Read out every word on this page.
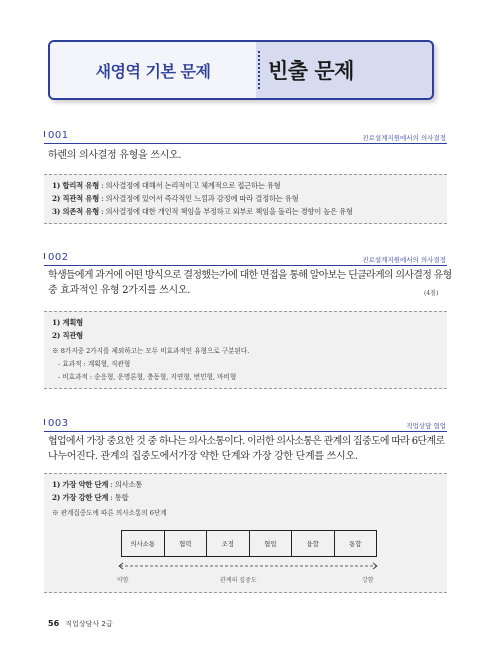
새영역 기본 문제	빈출 문제
001	진로설계지원에서의 의사결정
하렌의 의사결정 유형을 쓰시오.
1) 합리적 유형 : 의사결정에 대해서 논리적이고 체계적으로 접근하는 유형
2) 직관적 유형 : 의사결정에 있어서 즉각적인 느낌과 감정에 따라 결정하는 유형
3) 의존적 유형 : 의사결정에 대한 개인적 책임을 부정하고 외부로 책임을 돌리는 경향이 높은 유형
002	진로설계지원에서의 의사결정
학생들에게 과거에 어떤 방식으로 결정했는가에 대한 면접을 통해 알아보는 딘클라게의 의사결정 유형
중 효과적인 유형 2가지를 쓰시오.	(4점)
1) 계획형
2) 직관형
※ 8가지중 2가지를 제외하고는 모두 비효과적인 유형으로 구분된다.
- 효과적 : 계획형, 직관형
- 비효과적 : 순응형, 운명론형, 충동형, 지연형, 번민형, 마비형
003	직업상담 협업
협업에서 가장 중요한 것 중 하나는 의사소통이다. 이러한 의사소통은 관계의 집중도에 따라 6단계로
나누어진다. 관계의 집중도에서가장 약한 단계와 가장 강한 단계를 쓰시오.
1) 가장 약한 단계 : 의사소통
2) 가장 강한 단계 : 통합
※ 관계집중도에 따른 의사소통의 6단계
의사소통	협력	조정	협업	융합	통합
약함	관계의 집중도	강함
56 직업상담사 2급
